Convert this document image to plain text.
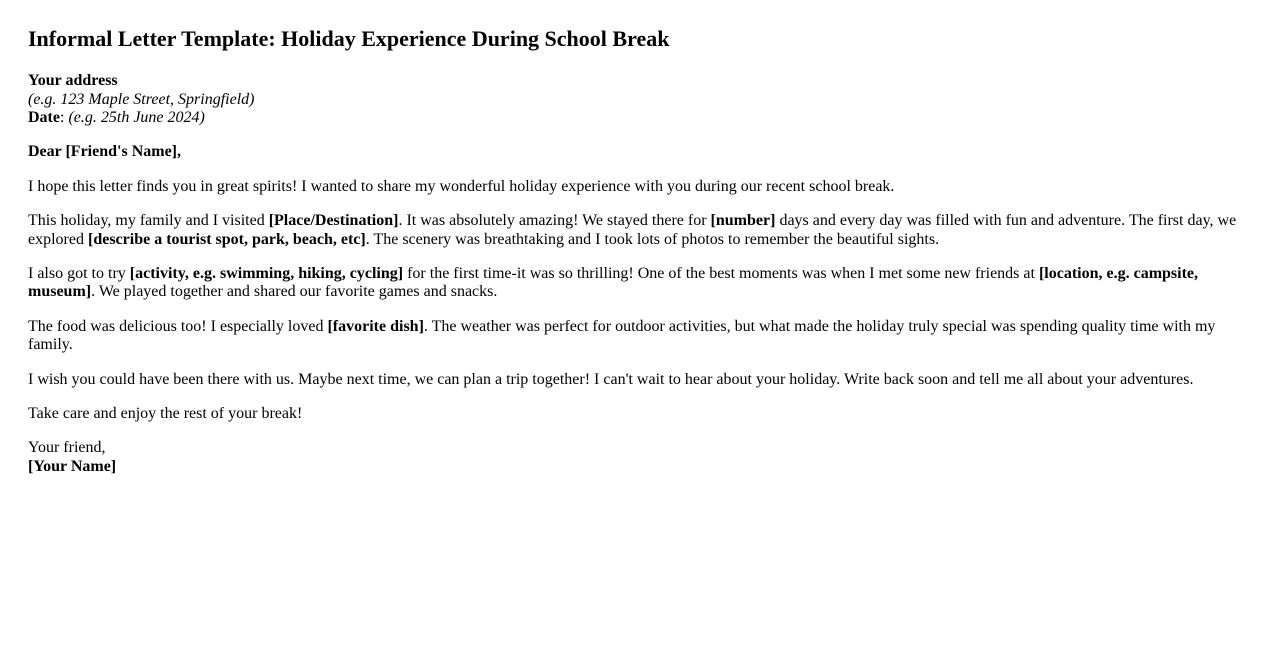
Informal Letter Template: Holiday Experience During School Break

Your address
(e.g. 123 Maple Street, Springfield)
Date: (e.g. 25th June 2024)

Dear [Friend's Name],

I hope this letter finds you in great spirits! I wanted to share my wonderful holiday experience with you during our recent school break.

This holiday, my family and I visited [Place/Destination]. It was absolutely amazing! We stayed there for [number] days and every day was filled with fun and adventure. The first day, we explored [describe a tourist spot, park, beach, etc]. The scenery was breathtaking and I took lots of photos to remember the beautiful sights.

I also got to try [activity, e.g. swimming, hiking, cycling] for the first time-it was so thrilling! One of the best moments was when I met some new friends at [location, e.g. campsite, museum]. We played together and shared our favorite games and snacks.

The food was delicious too! I especially loved [favorite dish]. The weather was perfect for outdoor activities, but what made the holiday truly special was spending quality time with my family.

I wish you could have been there with us. Maybe next time, we can plan a trip together! I can't wait to hear about your holiday. Write back soon and tell me all about your adventures.

Take care and enjoy the rest of your break!

Your friend,
[Your Name]
